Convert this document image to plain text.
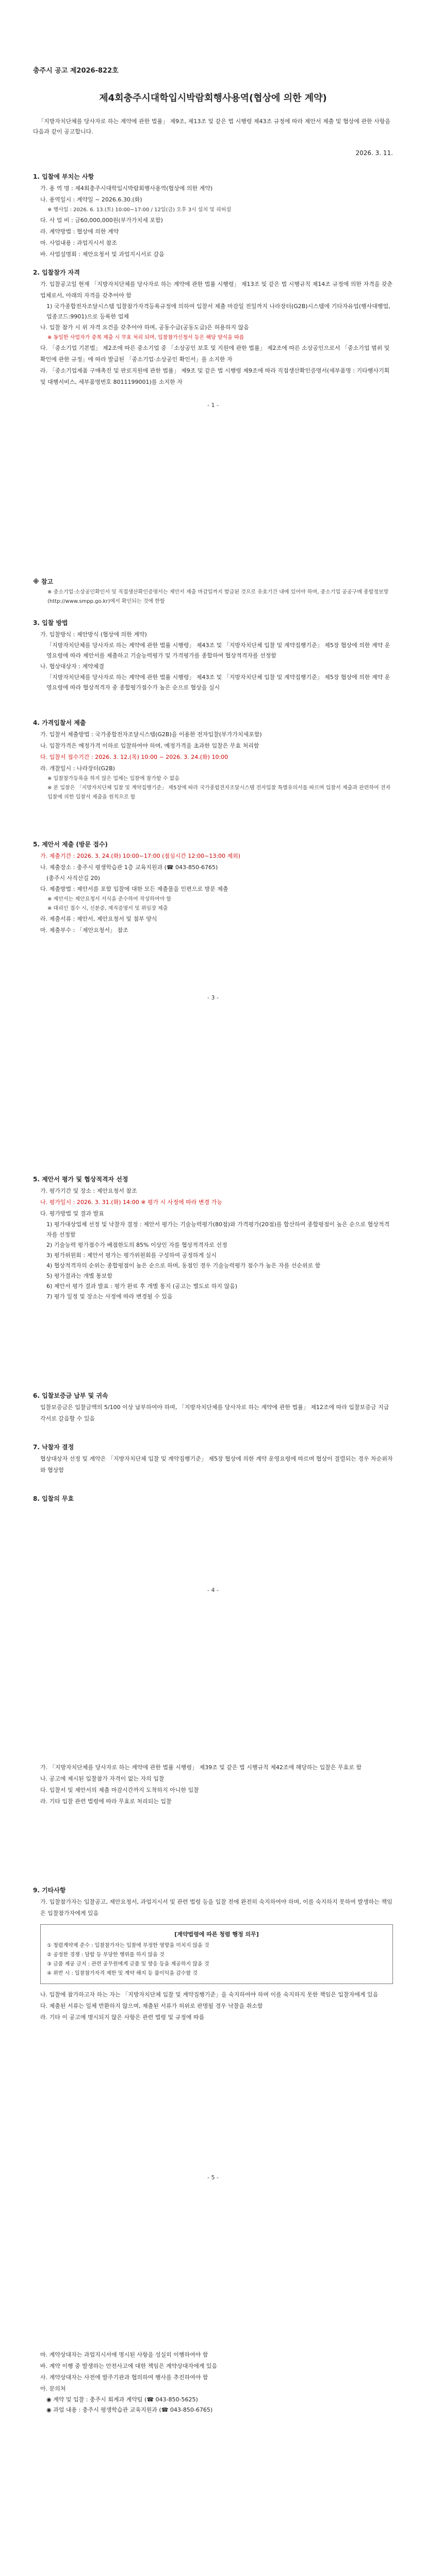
충주시 공고 제2026-822호
제4회충주시대학입시박람회행사용역(협상에 의한 계약)
「지방자치단체를 당사자로 하는 계약에 관한 법률」 제9조, 제13조 및 같은 법 시행령 제43조 규정에 따라 제안서 제출 및 협상에 관한 사항을 다음과 같이 공고합니다.
2026. 3. 11.
1. 입찰에 부치는 사항
가. 용 역 명 : 제4회충주시대학입시박람회행사용역(협상에 의한 계약)
나. 용역일시 : 계약일 ~ 2026.6.30.(화)
※ 행사일 : 2026. 6. 13.(토) 10:00~17:00 / 12일(금) 오후 3시 설치 및 리허설
다. 사 업 비 : 금60,000,000원(부가가치세 포함)
라. 계약방법 : 협상에 의한 계약
마. 사업내용 : 과업지시서 참조
바. 사업설명회 : 제안요청서 및 과업지시서로 갈음
2. 입찰참가 자격
가. 입찰공고일 현재 「지방자치단체를 당사자로 하는 계약에 관한 법률 시행령」 제13조 및 같은 법 시행규칙 제14조 규정에 의한 자격을 갖춘 업체로서, 아래의 자격을 갖추어야 함
1) 국가종합전자조달시스템 입찰참가자격등록규정에 의하여 입찰서 제출 마감일 전일까지 나라장터(G2B)시스템에 기타자유업(행사대행업, 업종코드:9901)으로 등록한 업체
나. 입찰 참가 시 위 자격 요건을 갖추어야 하며, 공동수급(공동도급)은 허용하지 않음
※ 동일한 사업자가 중복 제출 시 무효 처리 되며, 입찰참가신청서 등은 해당 양식을 따름
다. 「중소기업 기본법」 제2조에 따른 중소기업 중 「소상공인 보호 및 지원에 관한 법률」 제2조에 따른 소상공인으로서 「중소기업 범위 및 확인에 관한 규정」에 따라 발급된 「중소기업·소상공인 확인서」를 소지한 자
라. 「중소기업제품 구매촉진 및 판로지원에 관한 법률」 제9조 및 같은 법 시행령 제9조에 따라 직접생산확인증명서(세부품명 : 기타행사기획 및 대행서비스, 세부품명번호 8011199001)를 소지한 자
- 1 -
※ 참고
※ 중소기업·소상공인확인서 및 직접생산확인증명서는 제안서 제출 마감일까지 발급된 것으로 유효기간 내에 있어야 하며, 중소기업 공공구매 종합정보망(http://www.smpp.go.kr)에서 확인되는 것에 한함
3. 입찰 방법
가. 입찰방식 : 제안방식 (협상에 의한 계약)
「지방자치단체를 당사자로 하는 계약에 관한 법률 시행령」 제43조 및 「지방자치단체 입찰 및 계약집행기준」 제5장 협상에 의한 계약 운영요령에 따라 제안서를 제출하고 기술능력평가 및 가격평가를 종합하여 협상적격자를 선정함
나. 협상대상자 : 계약체결
「지방자치단체를 당사자로 하는 계약에 관한 법률 시행령」 제43조 및 「지방자치단체 입찰 및 계약집행기준」 제5장 협상에 의한 계약 운영요령에 따라 협상적격자 중 종합평가점수가 높은 순으로 협상을 실시
4. 가격입찰서 제출
가. 입찰서 제출방법 : 국가종합전자조달시스템(G2B)을 이용한 전자입찰(부가가치세포함)
나. 입찰가격은 예정가격 이하로 입찰하여야 하며, 예정가격을 초과한 입찰은 무효 처리함
다. 입찰서 접수기간 : 2026. 3. 12.(목) 10:00 ~ 2026. 3. 24.(화) 10:00
라. 개찰일시 : 나라장터(G2B)
※ 입찰참가등록을 하지 않은 업체는 입찰에 참가할 수 없음
※ 본 입찰은 「지방자치단체 입찰 및 계약집행기준」 제5장에 따라 국가종합전자조달시스템 전자입찰 특별유의서를 따르며 입찰서 제출과 관련하여 전자입찰에 의한 입찰서 제출을 원칙으로 함
5. 제안서 제출 (방문 접수)
가. 제출기간 : 2026. 3. 24.(화) 10:00~17:00 (점심시간 12:00~13:00 제외)
나. 제출장소 : 충주시 평생학습관 1층 교육지원과 (☎ 043-850-6765)
(충주시 사직산길 20)
다. 제출방법 : 제안서를 포함 입찰에 대한 모든 제출물을 인편으로 방문 제출
※ 제안서는 제안요청서 서식을 준수하여 작성하여야 함
※ 대리인 접수 시, 신분증, 재직증명서 및 위임장 제출
라. 제출서류 : 제안서, 제안요청서 및 첨부 양식
마. 제출부수 : 「제안요청서」 참조
- 3 -
5. 제안서 평가 및 협상적격자 선정
가. 평가기간 및 장소 : 제안요청서 참조
나. 평가일시 : 2026. 3. 31.(화) 14:00 ※ 평가 시 사정에 따라 변경 가능
다. 평가방법 및 결과 발표
1) 평가대상업체 선정 및 낙찰자 결정 : 제안서 평가는 기술능력평가(80점)와 가격평가(20점)를 합산하여 종합평점이 높은 순으로 협상적격자를 선정함
2) 기술능력 평가점수가 배점한도의 85% 이상인 자를 협상적격자로 선정
3) 평가위원회 : 제안서 평가는 평가위원회를 구성하여 공정하게 실시
4) 협상적격자의 순위는 종합평점이 높은 순으로 하며, 동점인 경우 기술능력평가 점수가 높은 자를 선순위로 함
5) 평가결과는 개별 통보함
6) 제안서 평가 결과 발표 : 평가 완료 후 개별 통지 (공고는 별도로 하지 않음)
7) 평가 일정 및 장소는 사정에 따라 변경될 수 있음
6. 입찰보증금 납부 및 귀속
입찰보증금은 입찰금액의 5/100 이상 납부하여야 하며, 「지방자치단체를 당사자로 하는 계약에 관한 법률」 제12조에 따라 입찰보증금 지급각서로 갈음할 수 있음
7. 낙찰자 결정
협상대상자 선정 및 계약은 「지방자치단체 입찰 및 계약집행기준」 제5장 협상에 의한 계약 운영요령에 따르며 협상이 결렬되는 경우 차순위자와 협상함
8. 입찰의 무효
- 4 -
가. 「지방자치단체를 당사자로 하는 계약에 관한 법률 시행령」 제39조 및 같은 법 시행규칙 제42조에 해당하는 입찰은 무효로 함
나. 공고에 제시된 입찰참가 자격이 없는 자의 입찰
다. 입찰서 및 제안서의 제출 마감시간까지 도착하지 아니한 입찰
라. 기타 입찰 관련 법령에 따라 무효로 처리되는 입찰
9. 기타사항
가. 입찰참가자는 입찰공고, 제안요청서, 과업지시서 및 관련 법령 등을 입찰 전에 완전히 숙지하여야 하며, 이를 숙지하지 못하여 발생하는 책임은 입찰참가자에게 있음
[계약법령에 따른 청렴 행정 의무]
① 청렴계약제 준수 : 입찰참가자는 입찰에 부정한 영향을 미치지 않을 것
② 공정한 경쟁 : 담합 등 부당한 행위를 하지 않을 것
③ 금품 제공 금지 : 관련 공무원에게 금품 및 향응 등을 제공하지 않을 것
④ 위반 시 : 입찰참가자격 제한 및 계약 해지 등 불이익을 감수할 것
나. 입찰에 참가하고자 하는 자는 「지방자치단체 입찰 및 계약집행기준」을 숙지하여야 하며 이를 숙지하지 못한 책임은 입찰자에게 있음
다. 제출된 서류는 일체 반환하지 않으며, 제출된 서류가 허위로 판명될 경우 낙찰을 취소함
라. 기타 이 공고에 명시되지 않은 사항은 관련 법령 및 규정에 따름
- 5 -
마. 계약상대자는 과업지시서에 명시된 사항을 성실히 이행하여야 함
바. 계약 이행 중 발생하는 안전사고에 대한 책임은 계약상대자에게 있음
사. 계약상대자는 사전에 발주기관과 협의하여 행사를 추진하여야 함
아. 문의처
◉ 계약 및 입찰 : 충주시 회계과 계약팀 (☎ 043-850-5625)
◉ 과업 내용 : 충주시 평생학습관 교육지원과 (☎ 043-850-6765)
